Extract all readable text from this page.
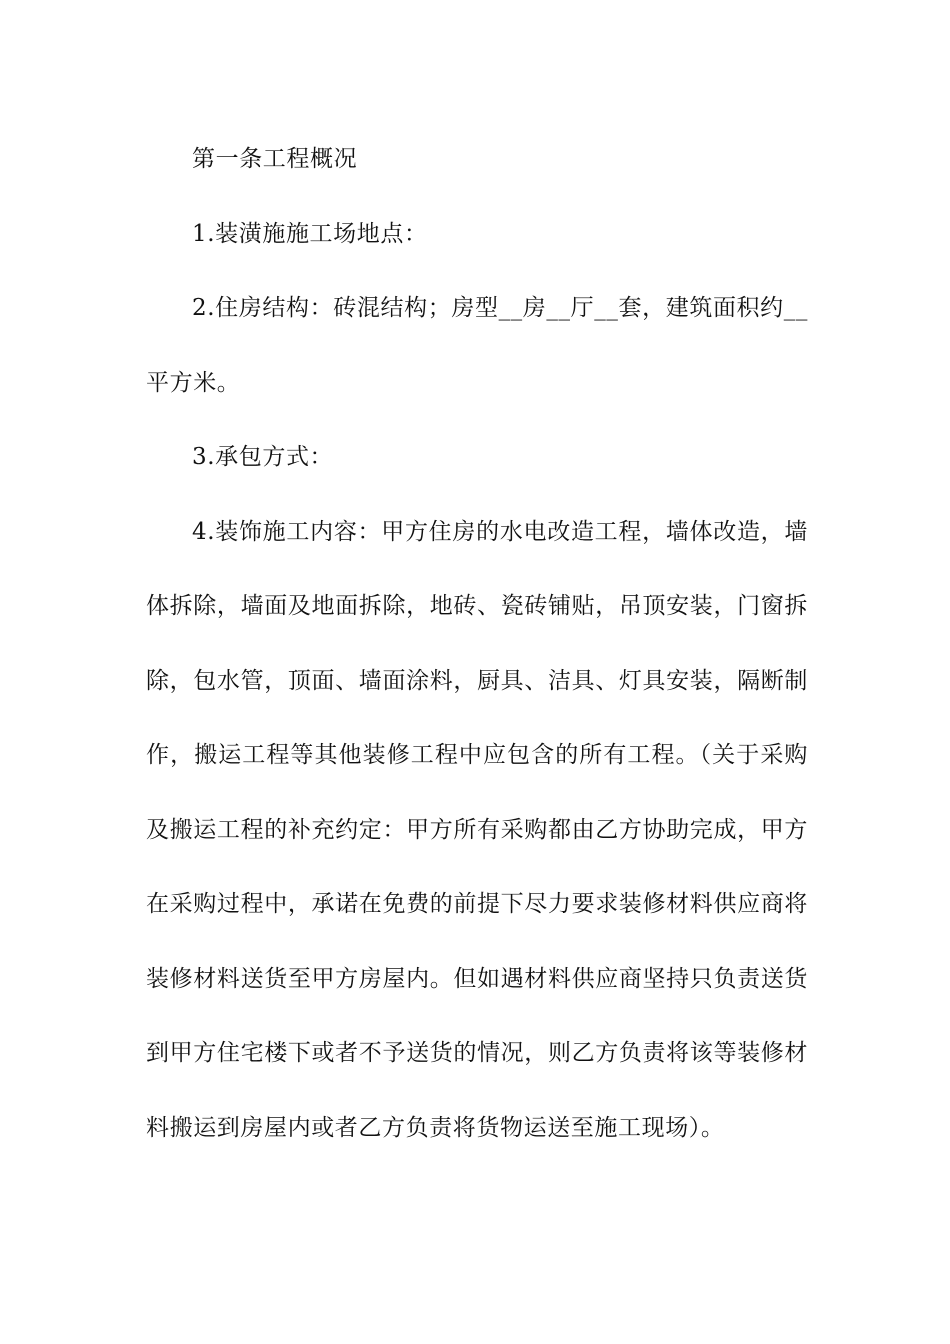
第一条工程概况

1.装潢施施工场地点：

2.住房结构：砖混结构；房型__房__厅__套，建筑面积约__平方米。

3.承包方式：

4.装饰施工内容：甲方住房的水电改造工程，墙体改造，墙体拆除，墙面及地面拆除，地砖、瓷砖铺贴，吊顶安装，门窗拆除，包水管，顶面、墙面涂料，厨具、洁具、灯具安装，隔断制作，搬运工程等其他装修工程中应包含的所有工程。（关于采购及搬运工程的补充约定：甲方所有采购都由乙方协助完成，甲方在采购过程中，承诺在免费的前提下尽力要求装修材料供应商将装修材料送货至甲方房屋内。但如遇材料供应商坚持只负责送货到甲方住宅楼下或者不予送货的情况，则乙方负责将该等装修材料搬运到房屋内或者乙方负责将货物运送至施工现场）。
